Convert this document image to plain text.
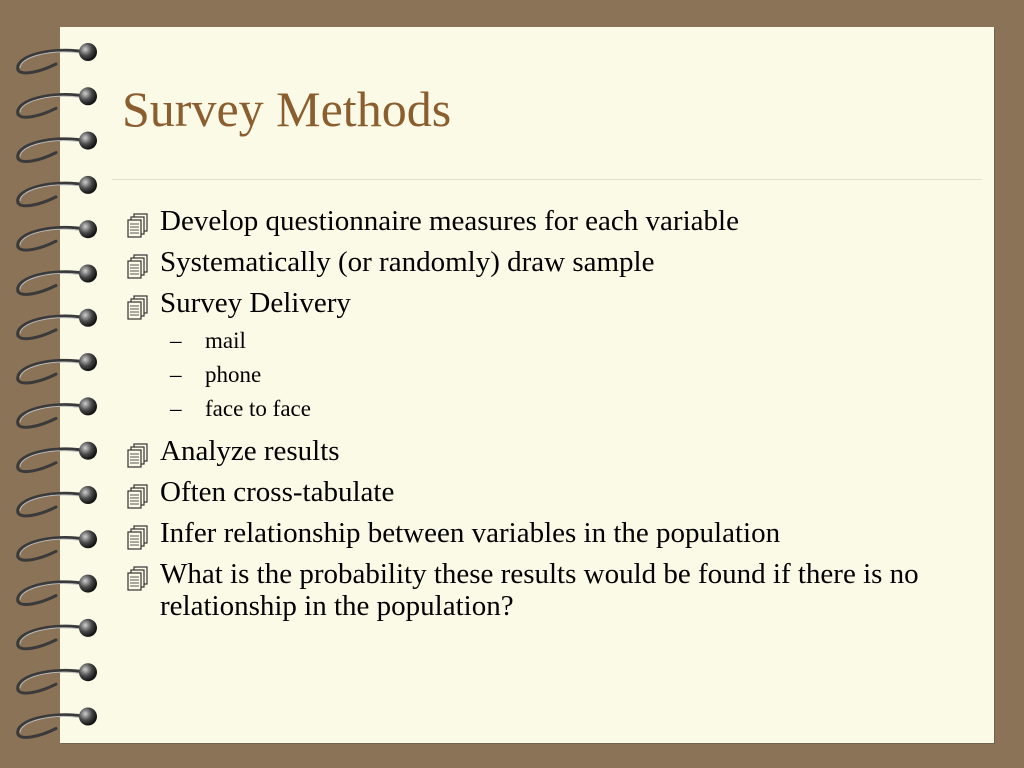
Survey Methods
Develop questionnaire measures for each variable
Systematically (or randomly) draw sample
Survey Delivery
– mail
– phone
– face to face
Analyze results
Often cross-tabulate
Infer relationship between variables in the population
What is the probability these results would be found if there is no relationship in the population?
